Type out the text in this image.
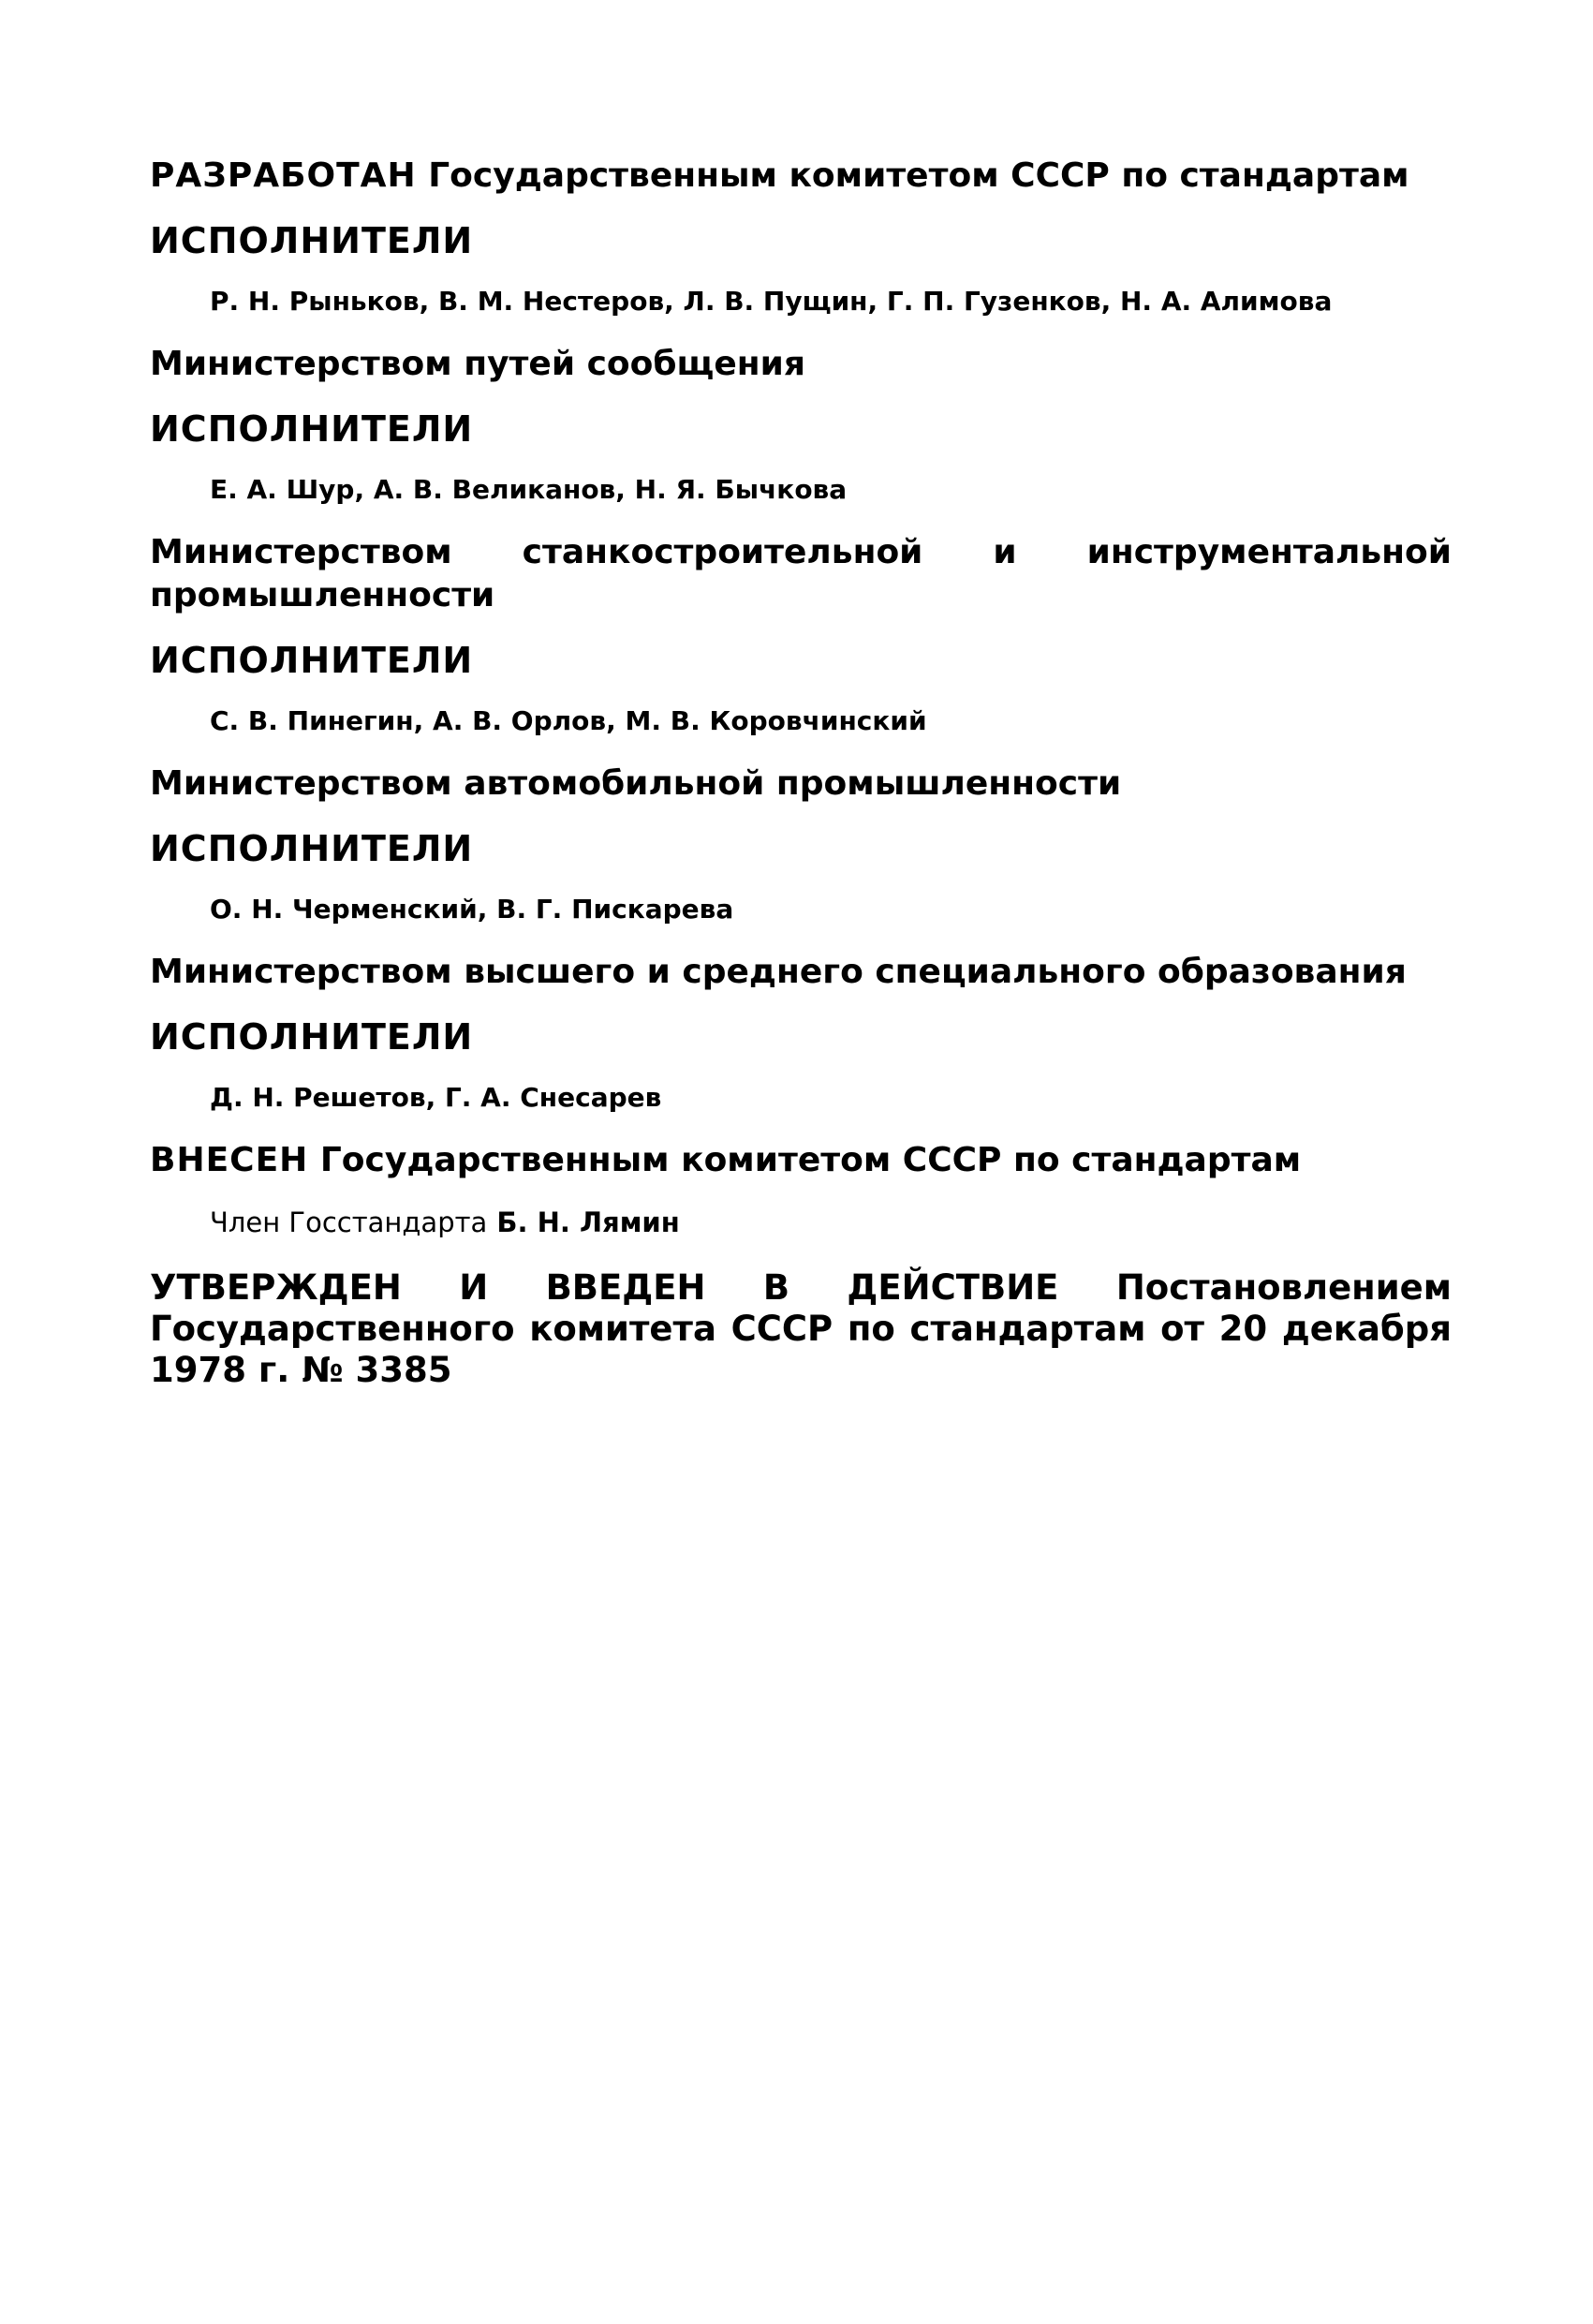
РАЗРАБОТАН Государственным комитетом СССР по стандартам
ИСПОЛНИТЕЛИ
Р. Н. Рыньков, В. М. Нестеров, Л. В. Пущин, Г. П. Гузенков, Н. А. Алимова
Министерством путей сообщения
ИСПОЛНИТЕЛИ
Е. А. Шур, А. В. Великанов, Н. Я. Бычкова
Министерством станкостроительной и инструментальной промышленности
ИСПОЛНИТЕЛИ
С. В. Пинегин, А. В. Орлов, М. В. Коровчинский
Министерством автомобильной промышленности
ИСПОЛНИТЕЛИ
О. Н. Черменский, В. Г. Пискарева
Министерством высшего и среднего специального образования
ИСПОЛНИТЕЛИ
Д. Н. Решетов, Г. А. Снесарев
ВНЕСЕН Государственным комитетом СССР по стандартам
Член Госстандарта Б. Н. Лямин
УТВЕРЖДЕН И ВВЕДЕН В ДЕЙСТВИЕ Постановлением Государственного комитета СССР по стандартам от 20 декабря 1978 г. № 3385
